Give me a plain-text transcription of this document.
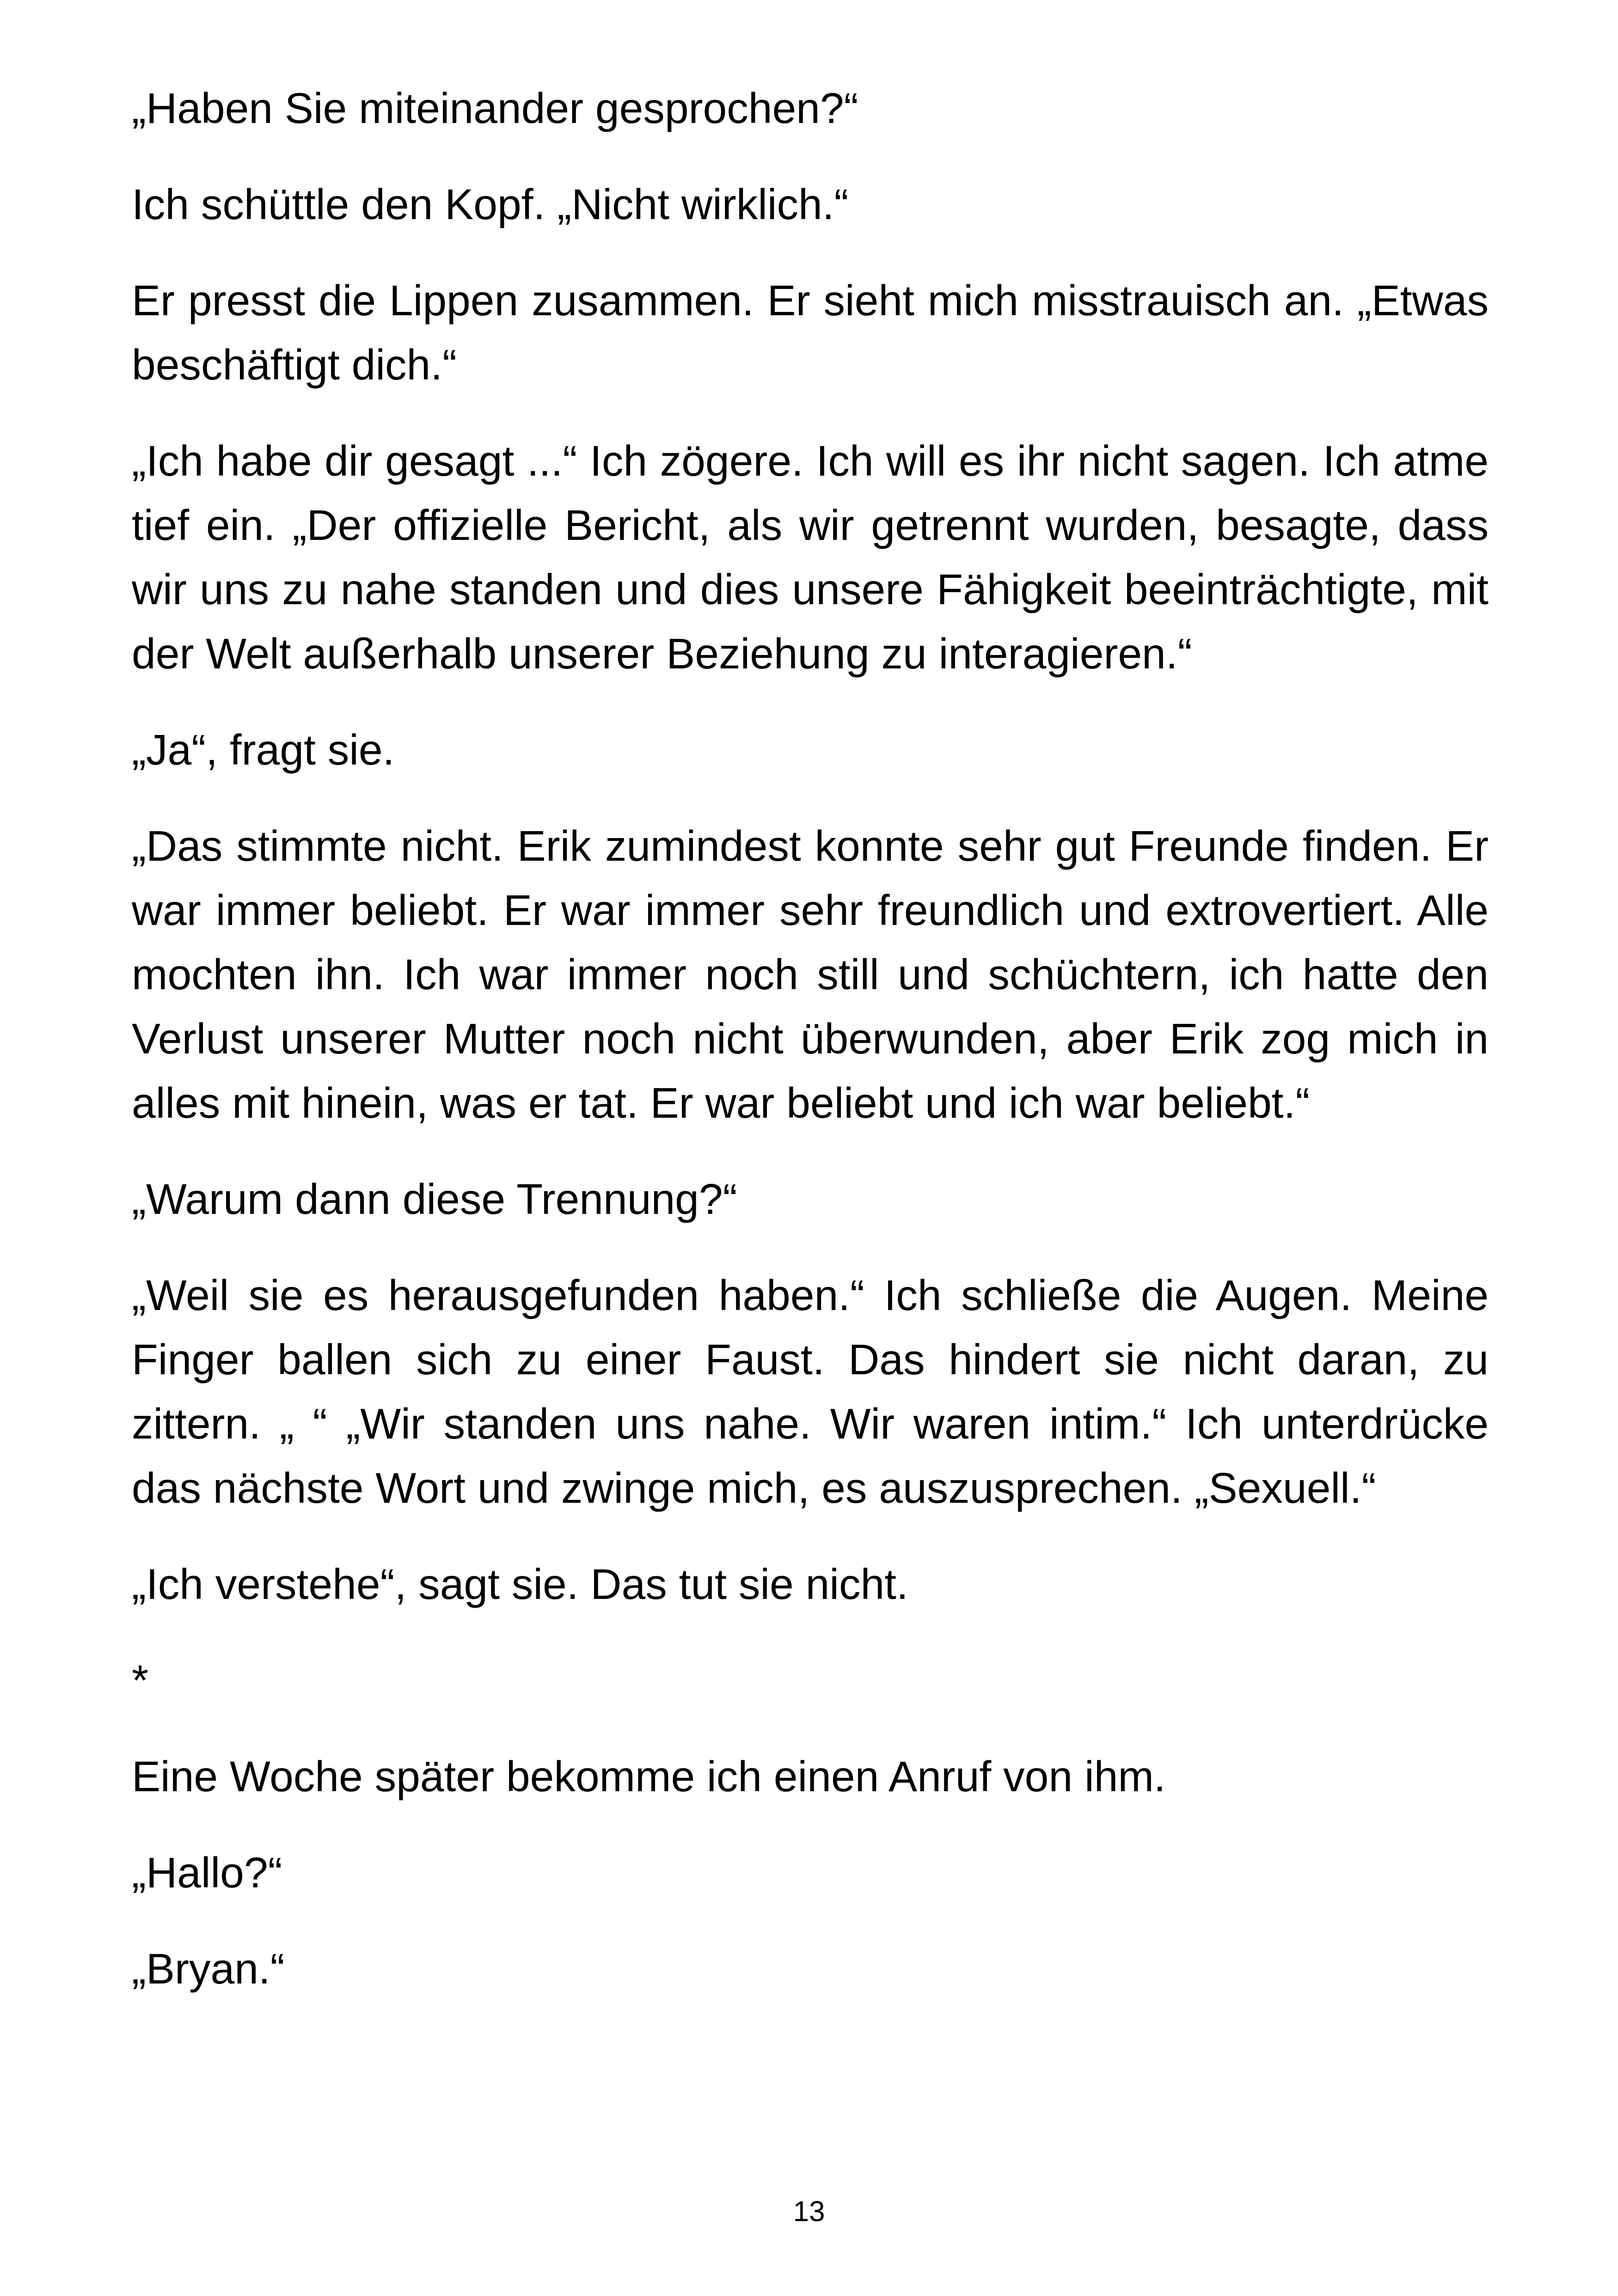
„Haben Sie miteinander gesprochen?“

Ich schüttle den Kopf. „Nicht wirklich.“

Er presst die Lippen zusammen. Er sieht mich misstrauisch an. „Etwas beschäftigt dich.“

„Ich habe dir gesagt ...“ Ich zögere. Ich will es ihr nicht sagen. Ich atme tief ein. „Der offizielle Bericht, als wir getrennt wurden, besagte, dass wir uns zu nahe standen und dies unsere Fähigkeit beeinträchtigte, mit der Welt außerhalb unserer Beziehung zu interagieren.“

„Ja“, fragt sie.

„Das stimmte nicht. Erik zumindest konnte sehr gut Freunde finden. Er war immer beliebt. Er war immer sehr freundlich und extrovertiert. Alle mochten ihn. Ich war immer noch still und schüchtern, ich hatte den Verlust unserer Mutter noch nicht überwunden, aber Erik zog mich in alles mit hinein, was er tat. Er war beliebt und ich war beliebt.“

„Warum dann diese Trennung?“

„Weil sie es herausgefunden haben.“ Ich schließe die Augen. Meine Finger ballen sich zu einer Faust. Das hindert sie nicht daran, zu zittern. „ “ „Wir standen uns nahe. Wir waren intim.“ Ich unterdrücke das nächste Wort und zwinge mich, es auszusprechen. „Sexuell.“

„Ich verstehe“, sagt sie. Das tut sie nicht.

*

Eine Woche später bekomme ich einen Anruf von ihm.

„Hallo?“

„Bryan.“

13
